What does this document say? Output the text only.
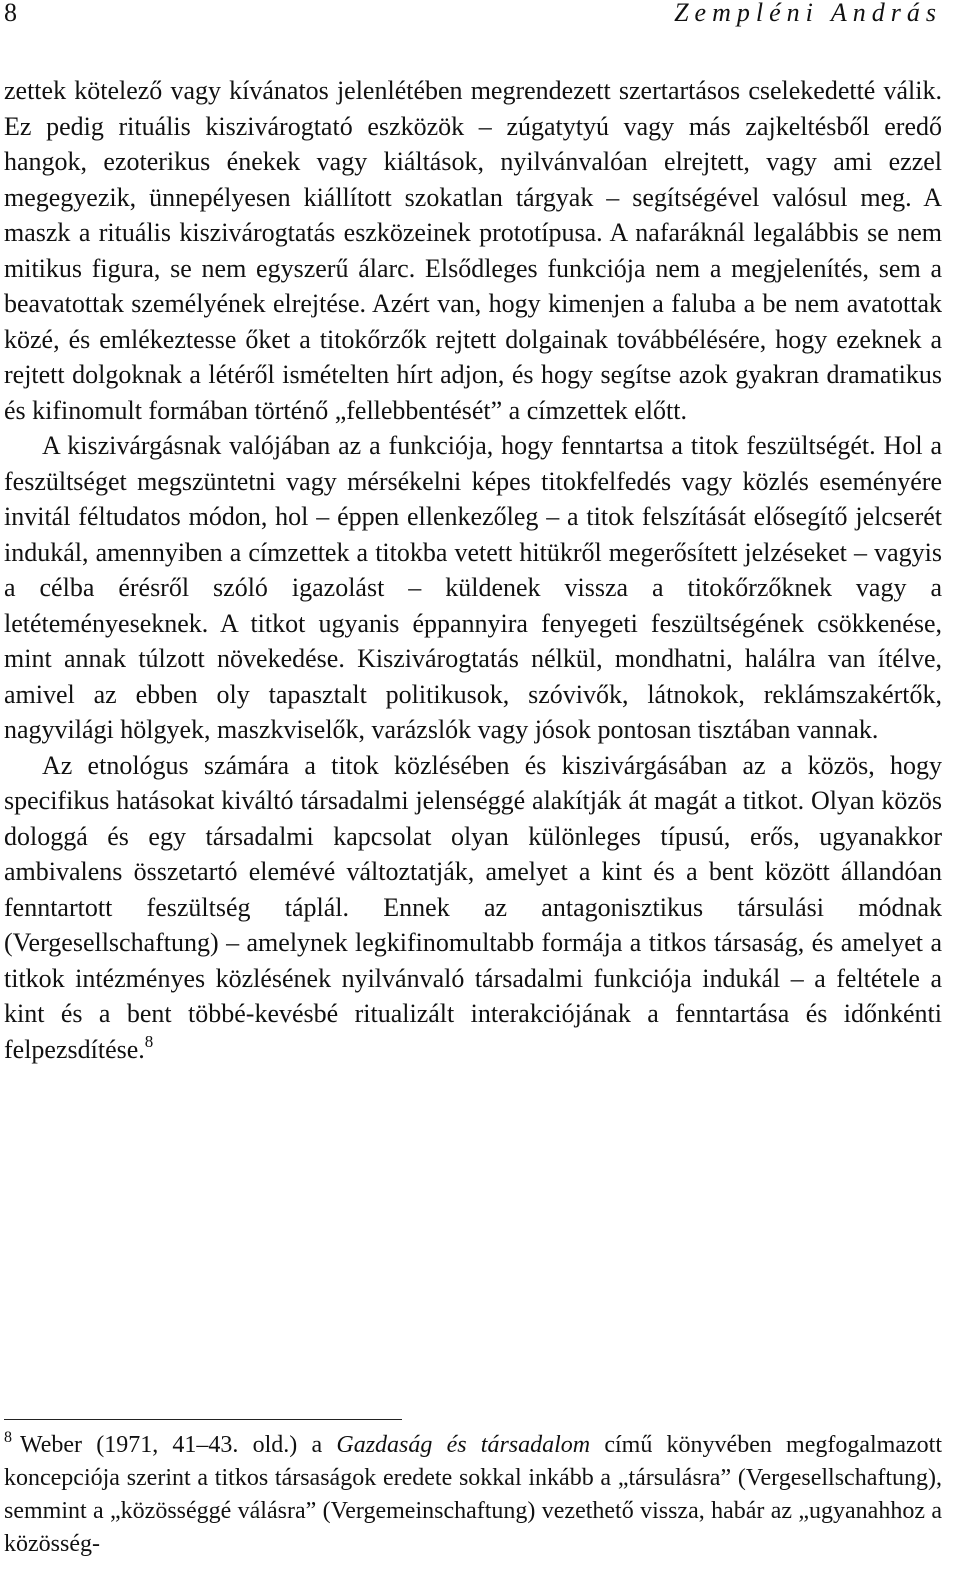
8	Zempléni András

zettek kötelező vagy kívánatos jelenlétében megrendezett szertartásos cselekedetté válik. Ez pedig rituális kiszivárogtató eszközök – zúgatytyú vagy más zajkeltésből eredő hangok, ezoterikus énekek vagy kiáltások, nyilvánvalóan elrejtett, vagy ami ezzel megegyezik, ünnepélyesen kiállított szokatlan tárgyak – segítségével valósul meg. A maszk a rituális kiszivárogtatás eszközeinek prototípusa. A nafaráknál legalábbis se nem mitikus figura, se nem egyszerű álarc. Elsődleges funkciója nem a megjelenítés, sem a beavatottak személyének elrejtése. Azért van, hogy kimenjen a faluba a be nem avatottak közé, és emlékeztesse őket a titokőrzők rejtett dolgainak továbbélésére, hogy ezeknek a rejtett dolgoknak a létéről ismételten hírt adjon, és hogy segítse azok gyakran dramatikus és kifinomult formában történő „fellebbentését” a címzettek előtt.

A kiszivárgásnak valójában az a funkciója, hogy fenntartsa a titok feszültségét. Hol a feszültséget megszüntetni vagy mérsékelni képes titokfelfedés vagy közlés eseményére invitál féltudatos módon, hol – éppen ellenkezőleg – a titok felszítását elősegítő jelcserét indukál, amennyiben a címzettek a titokba vetett hitükről megerősített jelzéseket – vagyis a célba érésről szóló igazolást – küldenek vissza a titokőrzőknek vagy a letéteményeseknek. A titkot ugyanis éppannyira fenyegeti feszültségének csökkenése, mint annak túlzott növekedése. Kiszivárogtatás nélkül, mondhatni, halálra van ítélve, amivel az ebben oly tapasztalt politikusok, szóvivők, látnokok, reklámszakértők, nagyvilági hölgyek, maszkviselők, varázslók vagy jósok pontosan tisztában vannak.

Az etnológus számára a titok közlésében és kiszivárgásában az a közös, hogy specifikus hatásokat kiváltó társadalmi jelenséggé alakítják át magát a titkot. Olyan közös dologgá és egy társadalmi kapcsolat olyan különleges típusú, erős, ugyanakkor ambivalens összetartó elemévé változtatják, amelyet a kint és a bent között állandóan fenntartott feszültség táplál. Ennek az antagonisztikus társulási módnak (Vergesellschaftung) – amelynek legkifinomultabb formája a titkos társaság, és amelyet a titkok intézményes közlésének nyilvánvaló társadalmi funkciója indukál – a feltétele a kint és a bent többé-kevésbé ritualizált interakciójának a fenntartása és időnkénti felpezsdítése.$^8$

$^8$ Weber (1971, 41–43. old.) a Gazdaság és társadalom című könyvében megfogalmazott koncepciója szerint a titkos társaságok eredete sokkal inkább a „társulásra” (Vergesellschaftung), semmint a „közösséggé válásra” (Vergemeinschaftung) vezethető vissza, habár az „ugyanahhoz a közösség-
